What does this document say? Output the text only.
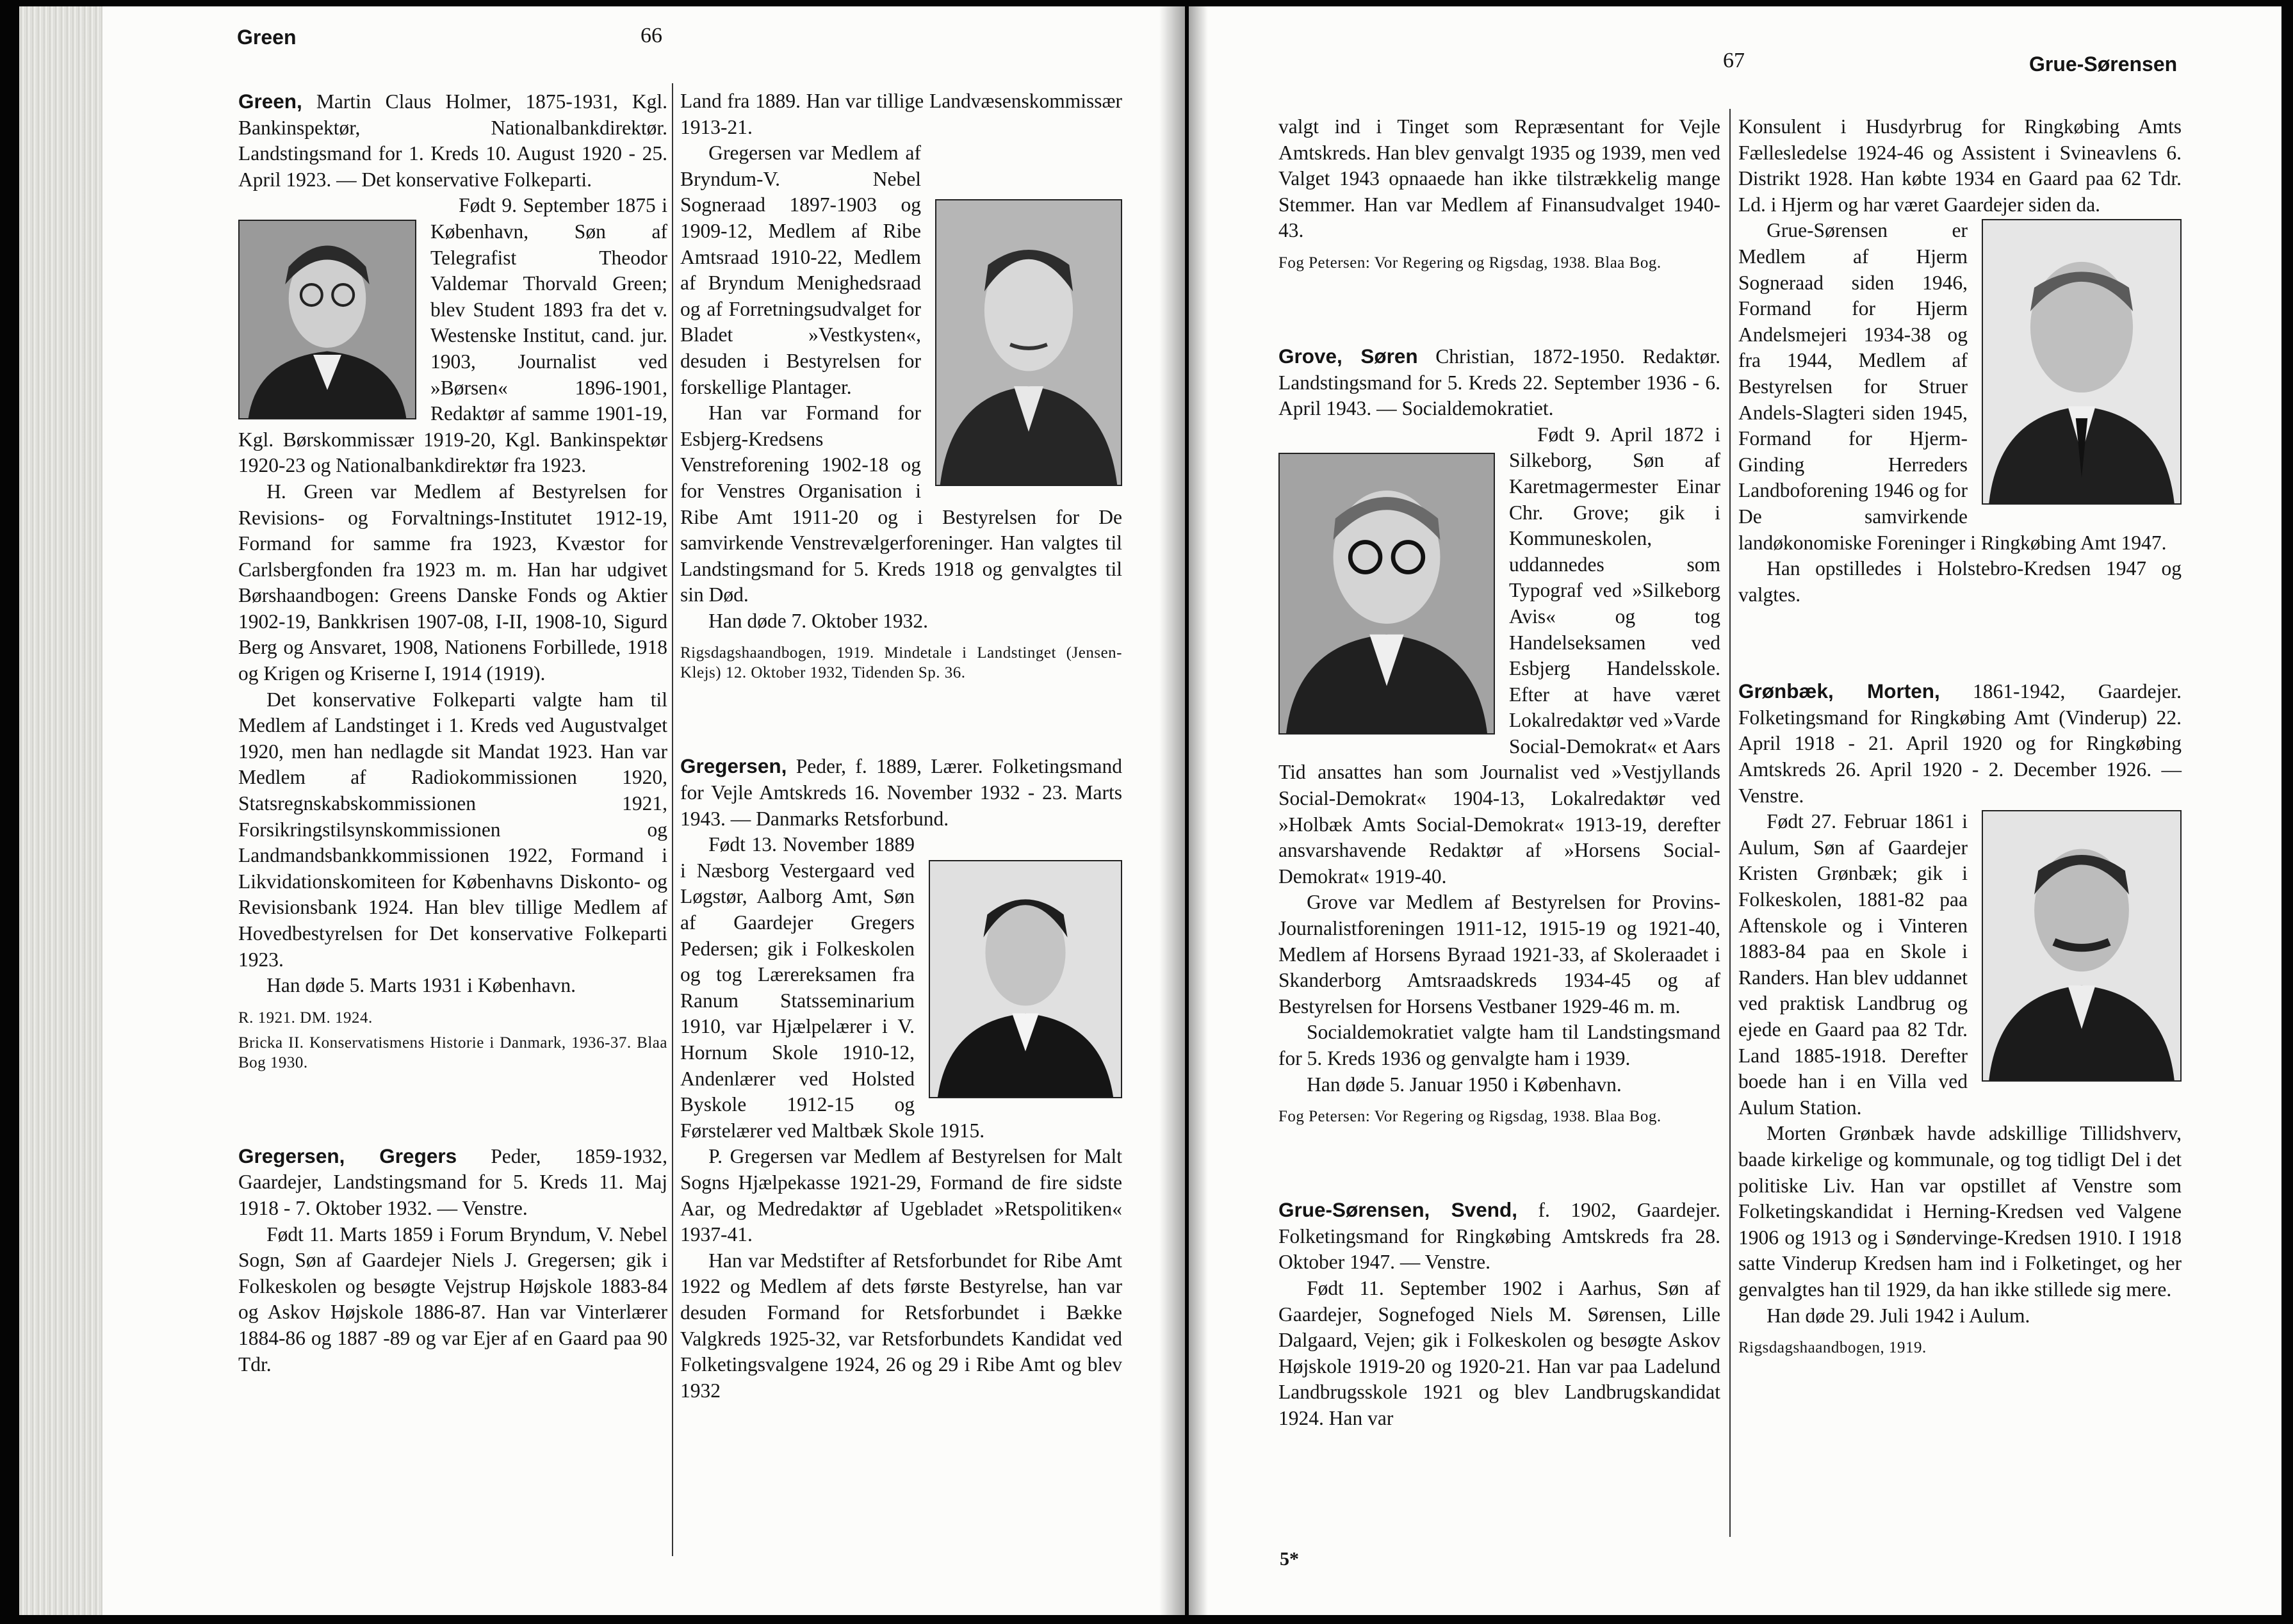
Green	66

Green, Martin Claus Holmer, 1875-1931, Kgl. Bankinspektør, Nationalbankdirektør. Landstingsmand for 1. Kreds 10. August 1920 - 25. April 1923. — Det konservative Folkeparti.

Født 9. September 1875 i København, Søn af Telegrafist Theodor Valdemar Thorvald Green; blev Student 1893 fra det v. Westenske Institut, cand. jur. 1903, Journalist ved »Børsen« 1896-1901, Redaktør af samme 1901-19, Kgl. Børskommissær 1919-20, Kgl. Bankinspektør 1920-23 og Nationalbankdirektør fra 1923.

H. Green var Medlem af Bestyrelsen for Revisions- og Forvaltnings-Institutet 1912-19, Formand for samme fra 1923, Kvæstor for Carlsbergfonden fra 1923 m. m. Han har udgivet Børshaandbogen: Greens Danske Fonds og Aktier 1902-19, Bankkrisen 1907-08, I-II, 1908-10, Sigurd Berg og Ansvaret, 1908, Nationens Forbillede, 1918 og Krigen og Kriserne I, 1914 (1919).

Det konservative Folkeparti valgte ham til Medlem af Landstinget i 1. Kreds ved Augustvalget 1920, men han nedlagde sit Mandat 1923. Han var Medlem af Radiokommissionen 1920, Statsregnskabskommissionen 1921, Forsikringstilsynskommissionen og Landmandsbankkommissionen 1922, Formand i Likvidationskomiteen for Københavns Diskonto- og Revisionsbank 1924. Han blev tillige Medlem af Hovedbestyrelsen for Det konservative Folkeparti 1923.

Han døde 5. Marts 1931 i København.

R. 1921. DM. 1924.

Bricka II. Konservatismens Historie i Danmark, 1936-37. Blaa Bog 1930.

Gregersen, Gregers Peder, 1859-1932, Gaardejer, Landstingsmand for 5. Kreds 11. Maj 1918 - 7. Oktober 1932. — Venstre.

Født 11. Marts 1859 i Forum Bryndum, V. Nebel Sogn, Søn af Gaardejer Niels J. Gregersen; gik i Folkeskolen og besøgte Vejstrup Højskole 1883-84 og Askov Højskole 1886-87. Han var Vinterlærer 1884-86 og 1887 -89 og var Ejer af en Gaard paa 90 Tdr.

Land fra 1889. Han var tillige Landvæsenskommissær 1913-21.

Gregersen var Medlem af Bryndum-V. Nebel Sogneraad 1897-1903 og 1909-12, Medlem af Ribe Amtsraad 1910-22, Medlem af Bryndum Menighedsraad og af Forretningsudvalget for Bladet »Vestkysten«, desuden i Bestyrelsen for forskellige Plantager.

Han var Formand for Esbjerg-Kredsens Venstreforening 1902-18 og for Venstres Organisation i Ribe Amt 1911-20 og i Bestyrelsen for De samvirkende Venstrevælgerforeninger. Han valgtes til Landstingsmand for 5. Kreds 1918 og genvalgtes til sin Død.

Han døde 7. Oktober 1932.

Rigsdagshaandbogen, 1919. Mindetale i Landstinget (Jensen-Klejs) 12. Oktober 1932, Tidenden Sp. 36.

Gregersen, Peder, f. 1889, Lærer. Folketingsmand for Vejle Amtskreds 16. November 1932 - 23. Marts 1943. — Danmarks Retsforbund.

Født 13. November 1889 i Næsborg Vestergaard ved Løgstør, Aalborg Amt, Søn af Gaardejer Gregers Pedersen; gik i Folkeskolen og tog Lærereksamen fra Ranum Statsseminarium 1910, var Hjælpelærer i V. Hornum Skole 1910-12, Andenlærer ved Holsted Byskole 1912-15 og Førstelærer ved Maltbæk Skole 1915.

P. Gregersen var Medlem af Bestyrelsen for Malt Sogns Hjælpekasse 1921-29, Formand de fire sidste Aar, og Medredaktør af Ugebladet »Retspolitiken« 1937-41.

Han var Medstifter af Retsforbundet for Ribe Amt 1922 og Medlem af dets første Bestyrelse, han var desuden Formand for Retsforbundet i Bække Valgkreds 1925-32, var Retsforbundets Kandidat ved Folketingsvalgene 1924, 26 og 29 i Ribe Amt og blev 1932

67	Grue-Sørensen

valgt ind i Tinget som Repræsentant for Vejle Amtskreds. Han blev genvalgt 1935 og 1939, men ved Valget 1943 opnaaede han ikke tilstrækkelig mange Stemmer. Han var Medlem af Finansudvalget 1940-43.

Fog Petersen: Vor Regering og Rigsdag, 1938. Blaa Bog.

Grove, Søren Christian, 1872-1950. Redaktør. Landstingsmand for 5. Kreds 22. September 1936 - 6. April 1943. — Socialdemokratiet.

Født 9. April 1872 i Silkeborg, Søn af Karetmagermester Einar Chr. Grove; gik i Kommuneskolen, uddannedes som Typograf ved »Silkeborg Avis« og tog Handelseksamen ved Esbjerg Handelsskole. Efter at have været Lokalredaktør ved »Varde Social-Demokrat« et Aars Tid ansattes han som Journalist ved »Vestjyllands Social-Demokrat« 1904-13, Lokalredaktør ved »Holbæk Amts Social-Demokrat« 1913-19, derefter ansvarshavende Redaktør af »Horsens Social-Demokrat« 1919-40.

Grove var Medlem af Bestyrelsen for Provins-Journalistforeningen 1911-12, 1915-19 og 1921-40, Medlem af Horsens Byraad 1921-33, af Skoleraadet i Skanderborg Amtsraadskreds 1934-45 og af Bestyrelsen for Horsens Vestbaner 1929-46 m. m.

Socialdemokratiet valgte ham til Landstingsmand for 5. Kreds 1936 og genvalgte ham i 1939.

Han døde 5. Januar 1950 i København.

Fog Petersen: Vor Regering og Rigsdag, 1938. Blaa Bog.

Grue-Sørensen, Svend, f. 1902, Gaardejer. Folketingsmand for Ringkøbing Amtskreds fra 28. Oktober 1947. — Venstre.

Født 11. September 1902 i Aarhus, Søn af Gaardejer, Sognefoged Niels M. Sørensen, Lille Dalgaard, Vejen; gik i Folkeskolen og besøgte Askov Højskole 1919-20 og 1920-21. Han var paa Ladelund Landbrugsskole 1921 og blev Landbrugskandidat 1924. Han var

Konsulent i Husdyrbrug for Ringkøbing Amts Fællesledelse 1924-46 og Assistent i Svineavlens 6. Distrikt 1928. Han købte 1934 en Gaard paa 62 Tdr. Ld. i Hjerm og har været Gaardejer siden da.

Grue-Sørensen er Medlem af Hjerm Sogneraad siden 1946, Formand for Hjerm Andelsmejeri 1934-38 og fra 1944, Medlem af Bestyrelsen for Struer Andels-Slagteri siden 1945, Formand for Hjerm-Ginding Herreders Landboforening 1946 og for De samvirkende landøkonomiske Foreninger i Ringkøbing Amt 1947.

Han opstilledes i Holstebro-Kredsen 1947 og valgtes.

Grønbæk, Morten, 1861-1942, Gaardejer. Folketingsmand for Ringkøbing Amt (Vinderup) 22. April 1918 - 21. April 1920 og for Ringkøbing Amtskreds 26. April 1920 - 2. December 1926. — Venstre.

Født 27. Februar 1861 i Aulum, Søn af Gaardejer Kristen Grønbæk; gik i Folkeskolen, 1881-82 paa Aftenskole og i Vinteren 1883-84 paa en Skole i Randers. Han blev uddannet ved praktisk Landbrug og ejede en Gaard paa 82 Tdr. Land 1885-1918. Derefter boede han i en Villa ved Aulum Station.

Morten Grønbæk havde adskillige Tillidshverv, baade kirkelige og kommunale, og tog tidligt Del i det politiske Liv. Han var opstillet af Venstre som Folketingskandidat i Herning-Kredsen ved Valgene 1906 og 1913 og i Søndervinge-Kredsen 1910. I 1918 satte Vinderup Kredsen ham ind i Folketinget, og her genvalgtes han til 1929, da han ikke stillede sig mere.

Han døde 29. Juli 1942 i Aulum.

Rigsdagshaandbogen, 1919.

5*
